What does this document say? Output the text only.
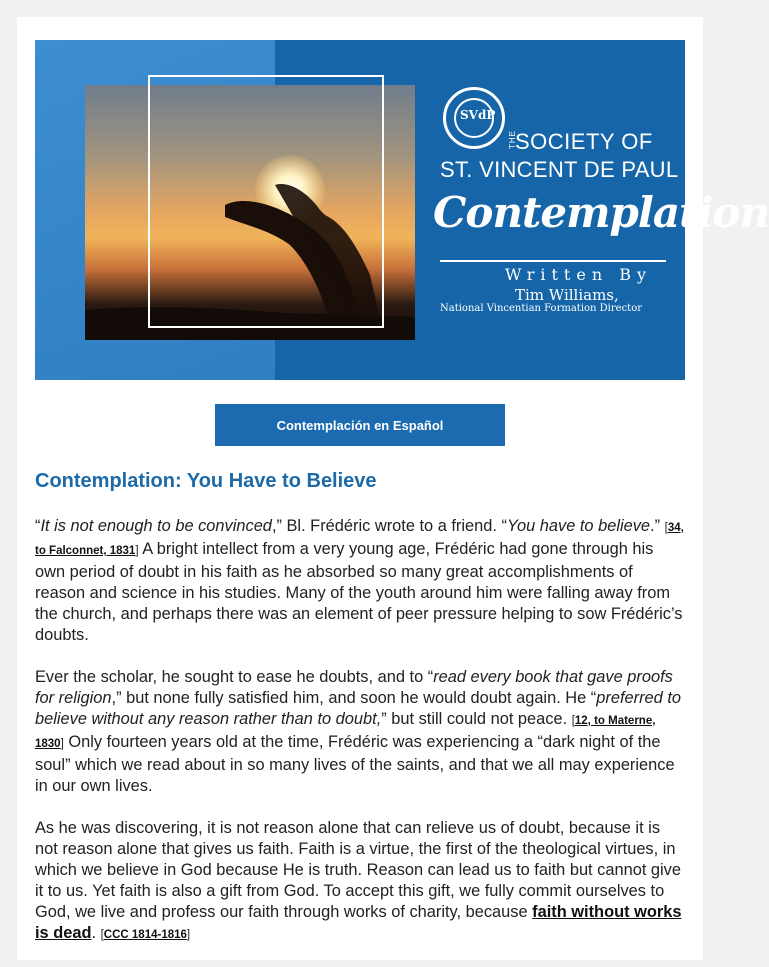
SVdP
THE
SOCIETY OF
ST. VINCENT DE PAUL
Contemplation
Written By
Tim Williams,
National Vincentian Formation Director
Contemplación en Español
Contemplation: You Have to Believe

“It is not enough to be convinced,” Bl. Frédéric wrote to a friend. “You have to believe.” [34, to Falconnet, 1831] A bright intellect from a very young age, Frédéric had gone through his own period of doubt in his faith as he absorbed so many great accomplishments of reason and science in his studies. Many of the youth around him were falling away from the church, and perhaps there was an element of peer pressure helping to sow Frédéric’s doubts.

Ever the scholar, he sought to ease he doubts, and to “read every book that gave proofs for religion,” but none fully satisfied him, and soon he would doubt again. He “preferred to believe without any reason rather than to doubt,” but still could not peace. [12, to Materne, 1830] Only fourteen years old at the time, Frédéric was experiencing a “dark night of the soul” which we read about in so many lives of the saints, and that we all may experience in our own lives.

As he was discovering, it is not reason alone that can relieve us of doubt, because it is not reason alone that gives us faith. Faith is a virtue, the first of the theological virtues, in which we believe in God because He is truth. Reason can lead us to faith but cannot give it to us. Yet faith is also a gift from God. To accept this gift, we fully commit ourselves to God, we live and profess our faith through works of charity, because faith without works is dead. [CCC 1814-1816]
